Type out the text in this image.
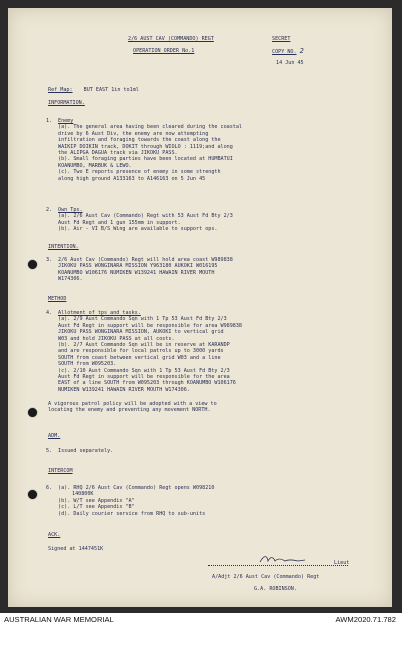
2/6 AUST CAV (COMMANDO) REGT
OPERATION ORDER No.1
SECRET
COPY NO. 2
14 Jun 45
Ref Map: BUT EAST 1in to1ml
INFORMATION.
1. Enemy
(a). The general area having been cleared during the coastal
drive by 6 Aust Div, the enemy are now attempting
infiltration and foraging towards the coast along the
WAIKIP DOIKIN track, DOKIT through WIOLO : 1119;and along
the ALIPGA DAGUA track via JIKOKU PASS.
(b). Small foraging parties have been located at HUMBATUI
KOANUMBO, MARBUK & LEWO.
(c). Two E reports presence of enemy in some strength
along high ground A133163 to A146163 on 5 Jun 45
2. Own Tps.
(a). 2/6 Aust Cav (Commando) Regt with 53 Aust Fd Bty 2/3
Aust Fd Regt and 1 gun 155mm in support.
(b). Air - VI B/S Wing are available to support ops.
INTENTION.
3. 2/6 Aust Cav (Commando) Regt will hold area coast W989838
JIKOKU PASS WONGINARA MISSION Y963180 AUKOKI W016195
KOANUMBO W106176 NUMIKEN W139241 HAWAIN RIVER MOUTH
W174306.
METHOD
4. Allotment of tps and tasks.
(a). 2/9 Aust Commando Sqn with 1 Tp 53 Aust Fd Bty 2/3
Aust Fd Regt in support will be responsible for area W989838
JIKOKU PASS WONGINARA MISSION, AUKOKI to vertical grid
W03 and hold JIKOKU PASS at all costs.
(b). 2/7 Aust Commando Sqn will be in reserve at KARANDP
and are responsible for local patrols up to 3000 yards
SOUTH from coast between vertical grid W03 and a line
SOUTH from W095203.
(c). 2/10 Aust Commando Sqn with 1 Tp 53 Aust Fd Bty 2/3
Aust Fd Regt in support will be responsible for the area
EAST of a line SOUTH from W095203 through KOANUMBO W106176
NUMIKEN W139241 HAWAIN RIVER MOUTH W174306.
A vigorous patrol policy will be adopted with a view to
locating the enemy and preventing any movement NORTH.
ADM.
5. Issued separately.
INTERCOM
6. (a). RHQ 2/6 Aust Cav (Commando) Regt opens W098210
140800K
(b). W/T see Appendix "A"
(c). L/T see Appendix "B"
(d). Daily courier service from RHQ to sub-units
ACK.
Signed at 1447451K
Lieut
A/Adjt 2/6 Aust Cav (Commando) Regt
G.A. ROBINSON.
AUSTRALIAN WAR MEMORIAL	AWM2020.71.782
